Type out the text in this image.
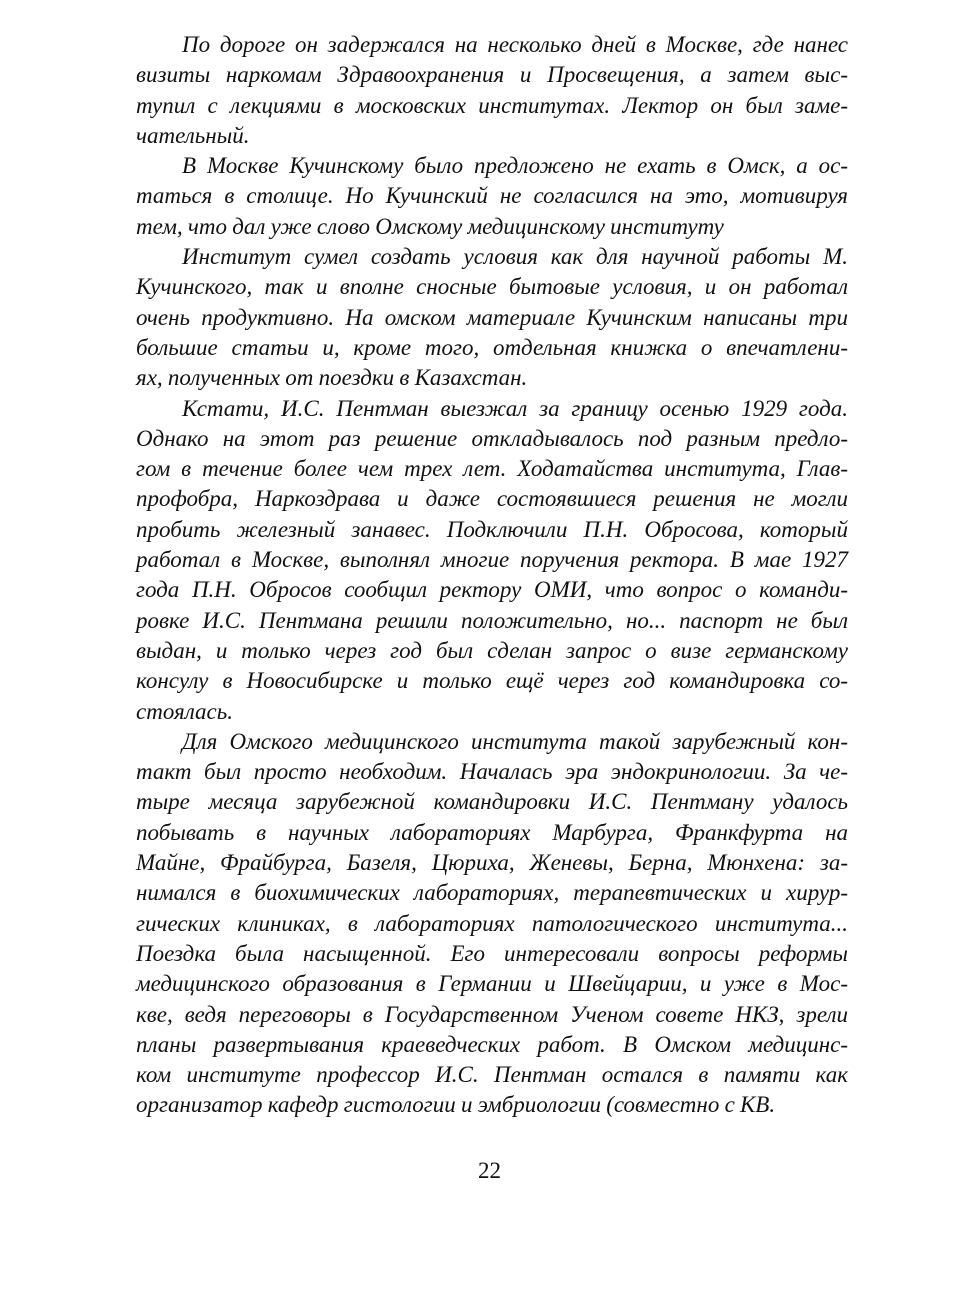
По дороге он задержался на несколько дней в Москве, где нанес
визиты наркомам Здравоохранения и Просвещения, а затем выс-
тупил с лекциями в московских институтах. Лектор он был заме-
чательный.
В Москве Кучинскому было предложено не ехать в Омск, а ос-
таться в столице. Но Кучинский не согласился на это, мотивируя
тем, что дал уже слово Омскому медицинскому институту
Институт сумел создать условия как для научной работы М.
Кучинского, так и вполне сносные бытовые условия, и он работал
очень продуктивно. На омском материале Кучинским написаны три
большие статьи и, кроме того, отдельная книжка о впечатлени-
ях, полученных от поездки в Казахстан.
Кстати, И.С. Пентман выезжал за границу осенью 1929 года.
Однако на этот раз решение откладывалось под разным предло-
гом в течение более чем трех лет. Ходатайства института, Глав-
профобра, Наркоздрава и даже состоявшиеся решения не могли
пробить железный занавес. Подключили П.Н. Обросова, который
работал в Москве, выполнял многие поручения ректора. В мае 1927
года П.Н. Обросов сообщил ректору ОМИ, что вопрос о команди-
ровке И.С. Пентмана решили положительно, но... паспорт не был
выдан, и только через год был сделан запрос о визе германскому
консулу в Новосибирске и только ещё через год командировка со-
стоялась.
Для Омского медицинского института такой зарубежный кон-
такт был просто необходим. Началась эра эндокринологии. За че-
тыре месяца зарубежной командировки И.С. Пентману удалось
побывать в научных лабораториях Марбурга, Франкфурта на
Майне, Фрайбурга, Базеля, Цюриха, Женевы, Берна, Мюнхена: за-
нимался в биохимических лабораториях, терапевтических и хирур-
гических клиниках, в лабораториях патологического института...
Поездка была насыщенной. Его интересовали вопросы реформы
медицинского образования в Германии и Швейцарии, и уже в Мос-
кве, ведя переговоры в Государственном Ученом совете НКЗ, зрели
планы развертывания краеведческих работ. В Омском медицинс-
ком институте профессор И.С. Пентман остался в памяти как
организатор кафедр гистологии и эмбриологии (совместно с КВ.
22
